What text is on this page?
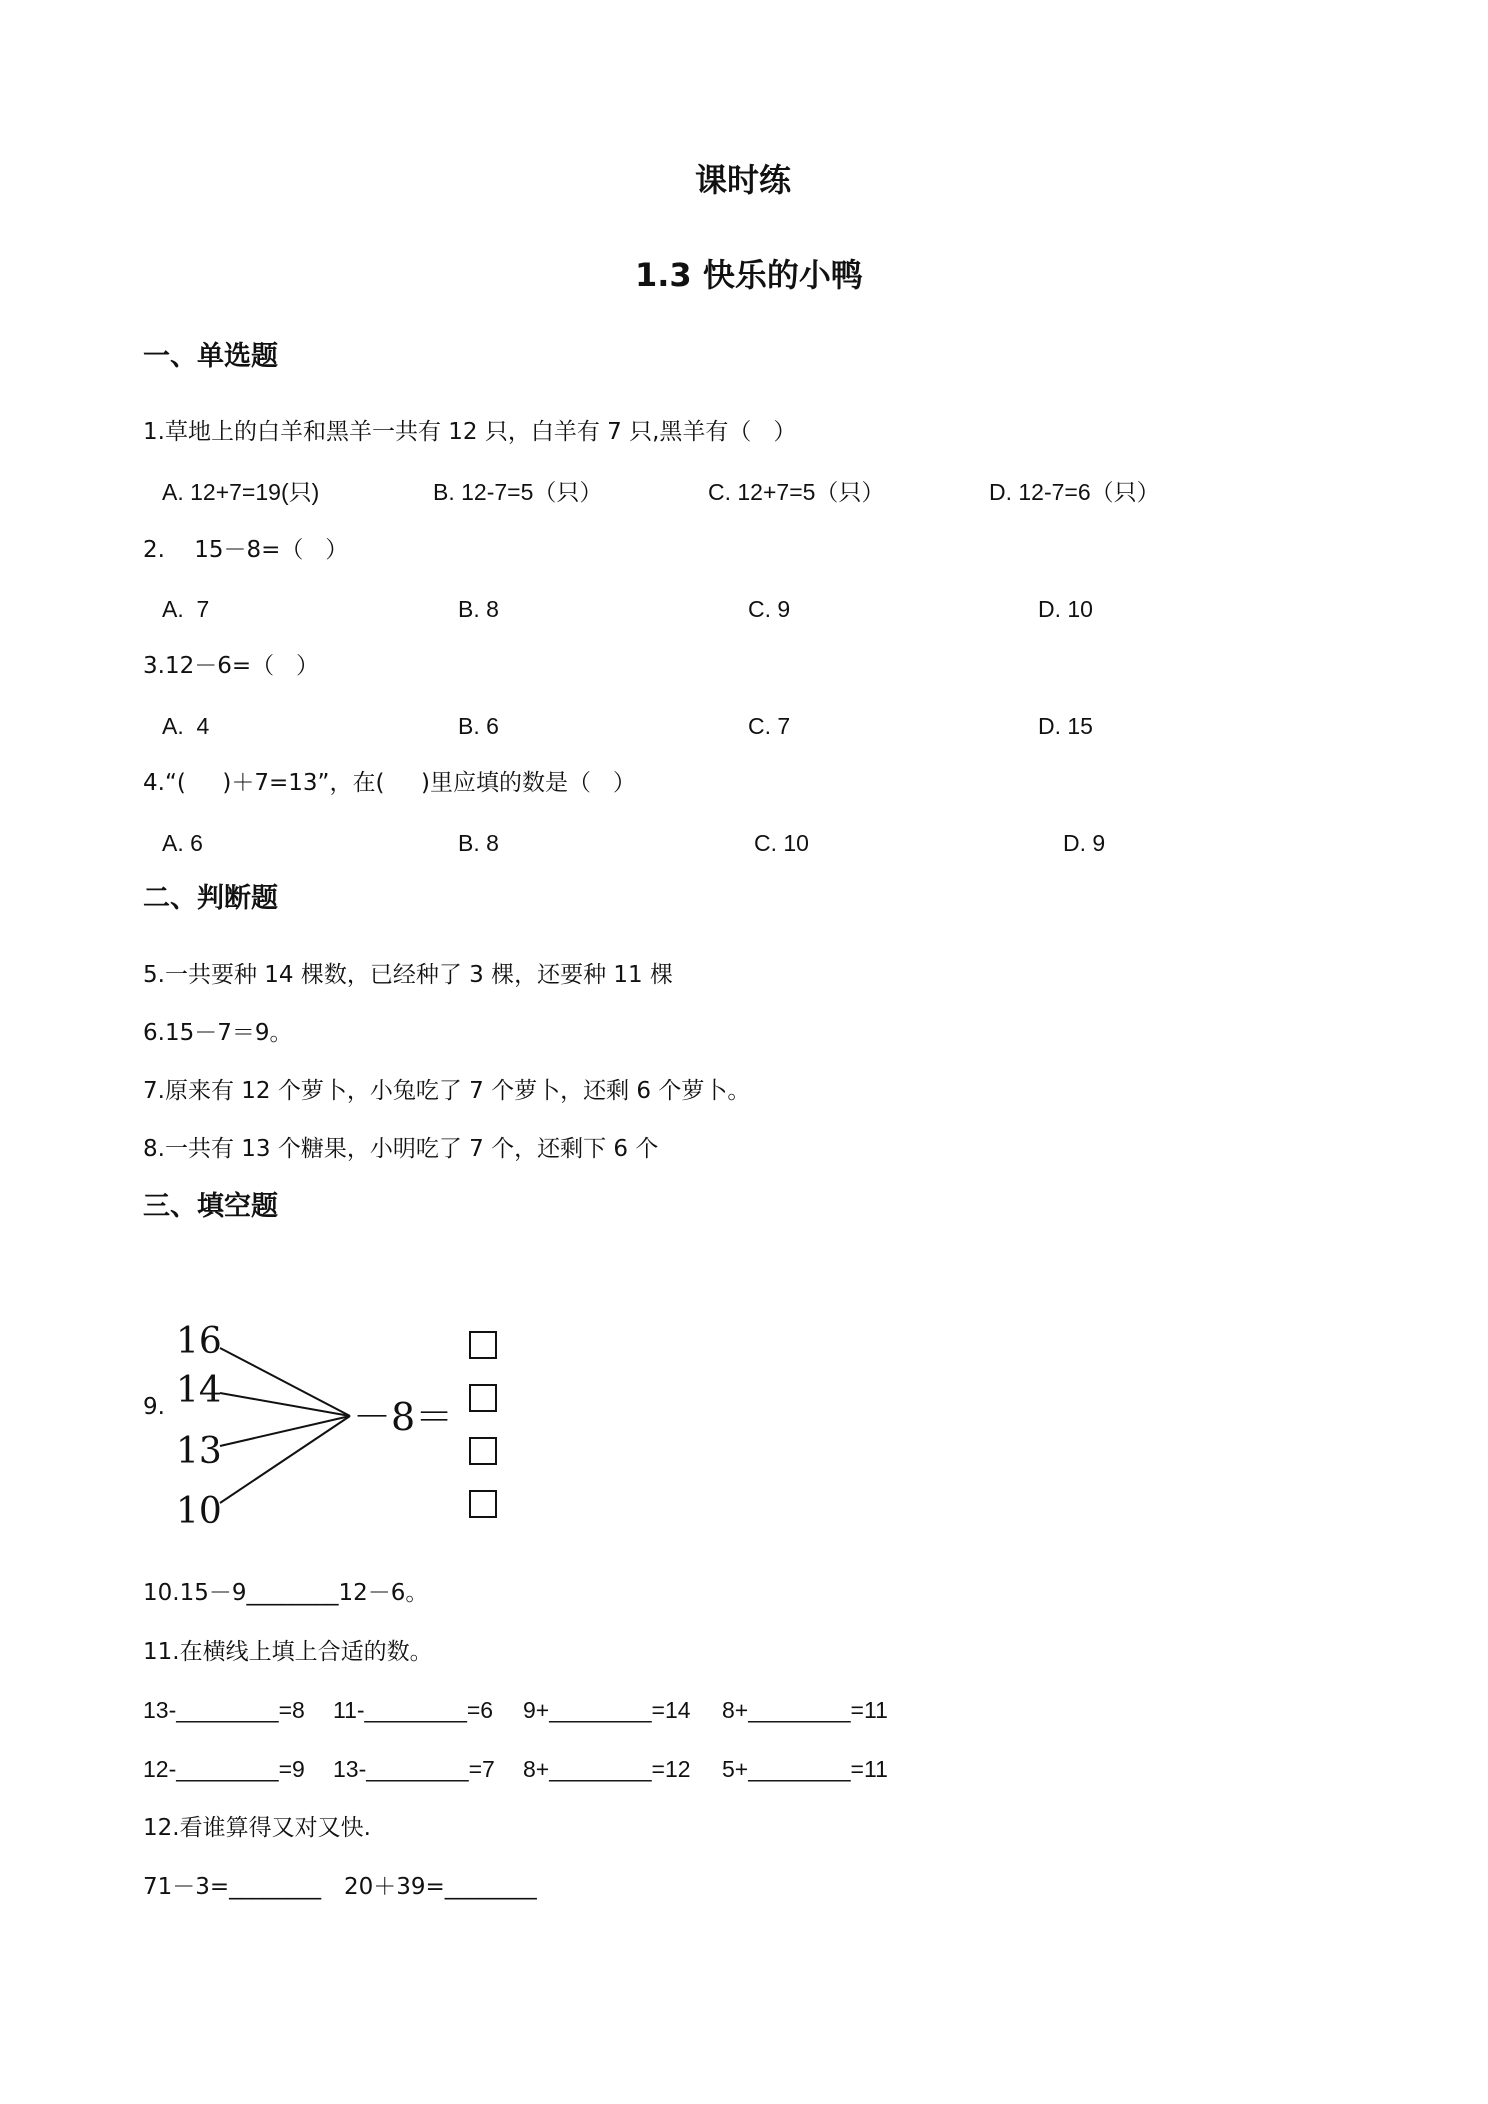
课时练
1.3 快乐的小鸭
一、单选题
1.草地上的白羊和黑羊一共有 12 只，白羊有 7 只,黑羊有（   ）
A. 12+7=19(只)	B. 12-7=5（只）	C. 12+7=5（只）	D. 12-7=6（只）
2.    15－8=（   ）
A.  7	B. 8	C. 9	D. 10
3.12－6=（   ）
A.  4	B. 6	C. 7	D. 15
4.“(     )＋7=13”，在(     )里应填的数是（   ）
A. 6	B. 8	C. 10	D. 9
二、判断题
5.一共要种 14 棵数，已经种了 3 棵，还要种 11 棵
6.15－7＝9。
7.原来有 12 个萝卜，小兔吃了 7 个萝卜，还剩 6 个萝卜。
8.一共有 13 个糖果，小明吃了 7 个，还剩下 6 个
三、填空题
9.
16
14
13
10
－8＝
10.15－9________12－6。
11.在横线上填上合适的数。
13-________=8 11-________=6 9+________=14 8+________=11
12-________=9 13-________=7 8+________=12 5+________=11
12.看谁算得又对又快.
71－3=________ 20＋39=________
